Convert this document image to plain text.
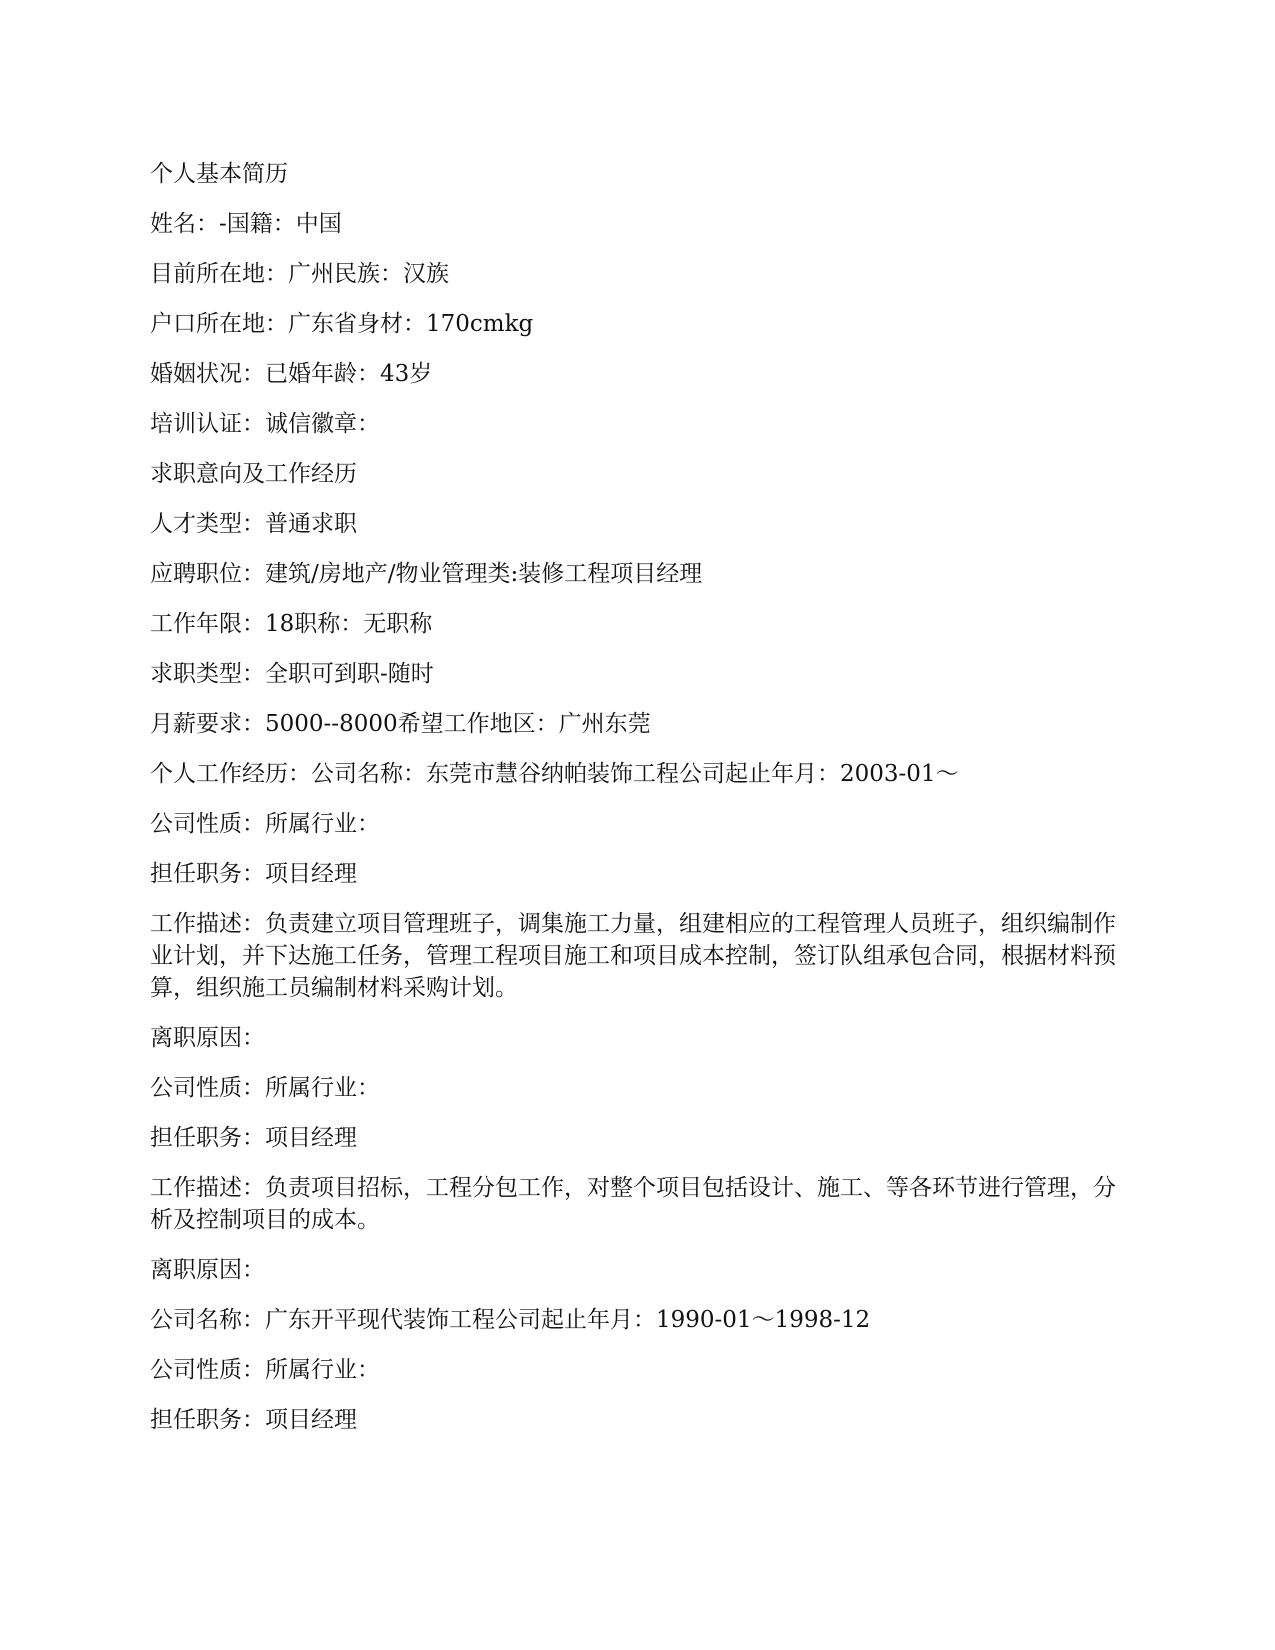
个人基本简历

姓名：-国籍：中国

目前所在地：广州民族：汉族

户口所在地：广东省身材：170cmkg

婚姻状况：已婚年龄：43岁

培训认证：诚信徽章：

求职意向及工作经历

人才类型：普通求职

应聘职位：建筑/房地产/物业管理类:装修工程项目经理

工作年限：18职称：无职称

求职类型：全职可到职-随时

月薪要求：5000--8000希望工作地区：广州东莞

个人工作经历：公司名称：东莞市慧谷纳帕装饰工程公司起止年月：2003-01～

公司性质：所属行业：

担任职务：项目经理

工作描述：负责建立项目管理班子，调集施工力量，组建相应的工程管理人员班子，组织编制作业计划，并下达施工任务，管理工程项目施工和项目成本控制，签订队组承包合同，根据材料预算，组织施工员编制材料采购计划。

离职原因：

公司性质：所属行业：

担任职务：项目经理

工作描述：负责项目招标，工程分包工作，对整个项目包括设计、施工、等各环节进行管理，分析及控制项目的成本。

离职原因：

公司名称：广东开平现代装饰工程公司起止年月：1990-01～1998-12

公司性质：所属行业：

担任职务：项目经理
